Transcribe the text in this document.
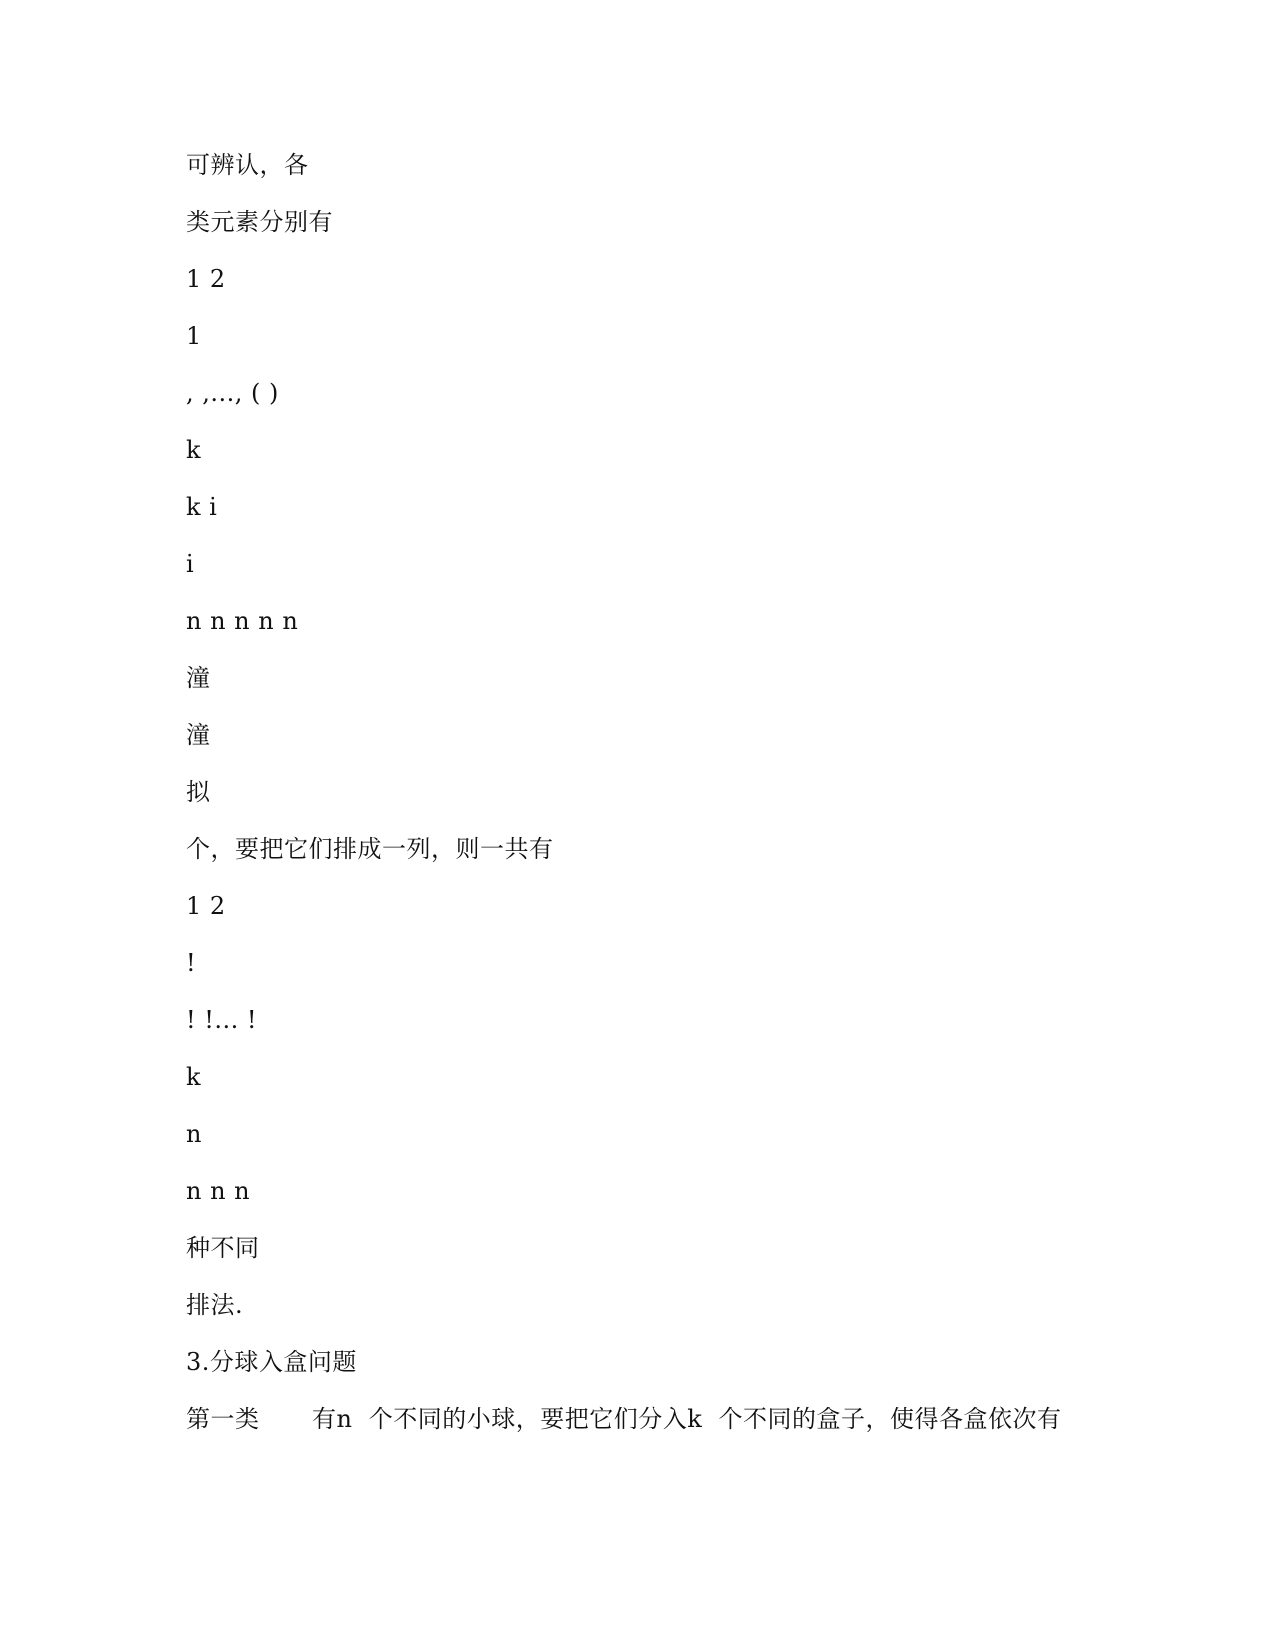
可辨认，各
类元素分别有
1 2
1
, ,..., ( )
k
k i
i
n n n n n
潼
潼
拟
个，要把它们排成一列，则一共有
1 2
!
! !... !
k
n
n n n
种不同
排法.
3.分球入盒问题
第一类	有n  个不同的小球，要把它们分入k  个不同的盒子，使得各盒依次有
